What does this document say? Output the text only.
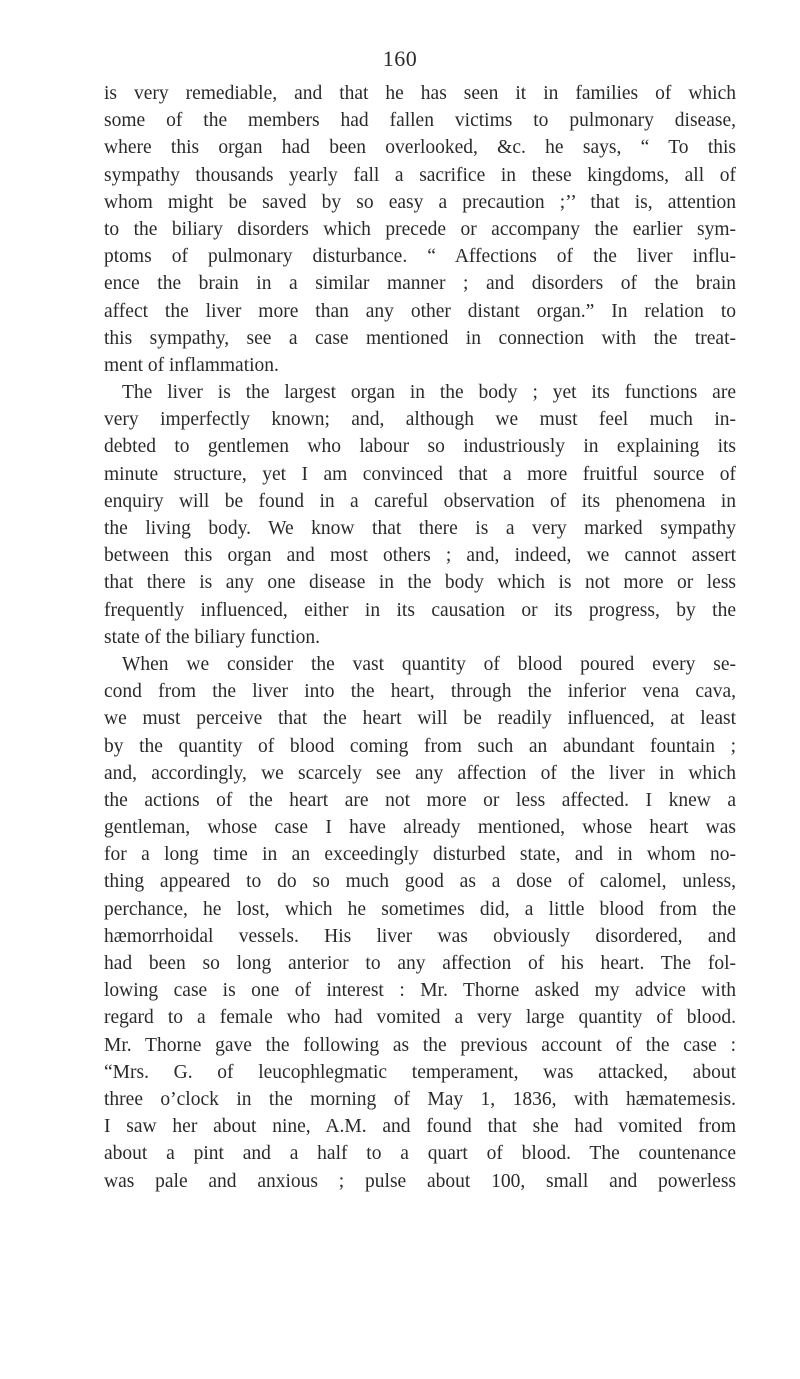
160
is very remediable, and that he has seen it in families of which
some of the members had fallen victims to pulmonary disease,
where this organ had been overlooked, &c. he says, “ To this
sympathy thousands yearly fall a sacrifice in these kingdoms, all of
whom might be saved by so easy a precaution ;’’ that is, attention
to the biliary disorders which precede or accompany the earlier sym-
ptoms of pulmonary disturbance. “ Affections of the liver influ-
ence the brain in a similar manner ; and disorders of the brain
affect the liver more than any other distant organ.” In relation to
this sympathy, see a case mentioned in connection with the treat-
ment of inflammation.
The liver is the largest organ in the body ; yet its functions are
very imperfectly known; and, although we must feel much in-
debted to gentlemen who labour so industriously in explaining its
minute structure, yet I am convinced that a more fruitful source of
enquiry will be found in a careful observation of its phenomena in
the living body. We know that there is a very marked sympathy
between this organ and most others ; and, indeed, we cannot assert
that there is any one disease in the body which is not more or less
frequently influenced, either in its causation or its progress, by the
state of the biliary function.
When we consider the vast quantity of blood poured every se-
cond from the liver into the heart, through the inferior vena cava,
we must perceive that the heart will be readily influenced, at least
by the quantity of blood coming from such an abundant fountain ;
and, accordingly, we scarcely see any affection of the liver in which
the actions of the heart are not more or less affected. I knew a
gentleman, whose case I have already mentioned, whose heart was
for a long time in an exceedingly disturbed state, and in whom no-
thing appeared to do so much good as a dose of calomel, unless,
perchance, he lost, which he sometimes did, a little blood from the
hæmorrhoidal vessels. His liver was obviously disordered, and
had been so long anterior to any affection of his heart. The fol-
lowing case is one of interest : Mr. Thorne asked my advice with
regard to a female who had vomited a very large quantity of blood.
Mr. Thorne gave the following as the previous account of the case :
“Mrs. G. of leucophlegmatic temperament, was attacked, about
three o’clock in the morning of May 1, 1836, with hæmatemesis.
I saw her about nine, A.M. and found that she had vomited from
about a pint and a half to a quart of blood. The countenance
was pale and anxious ; pulse about 100, small and powerless
